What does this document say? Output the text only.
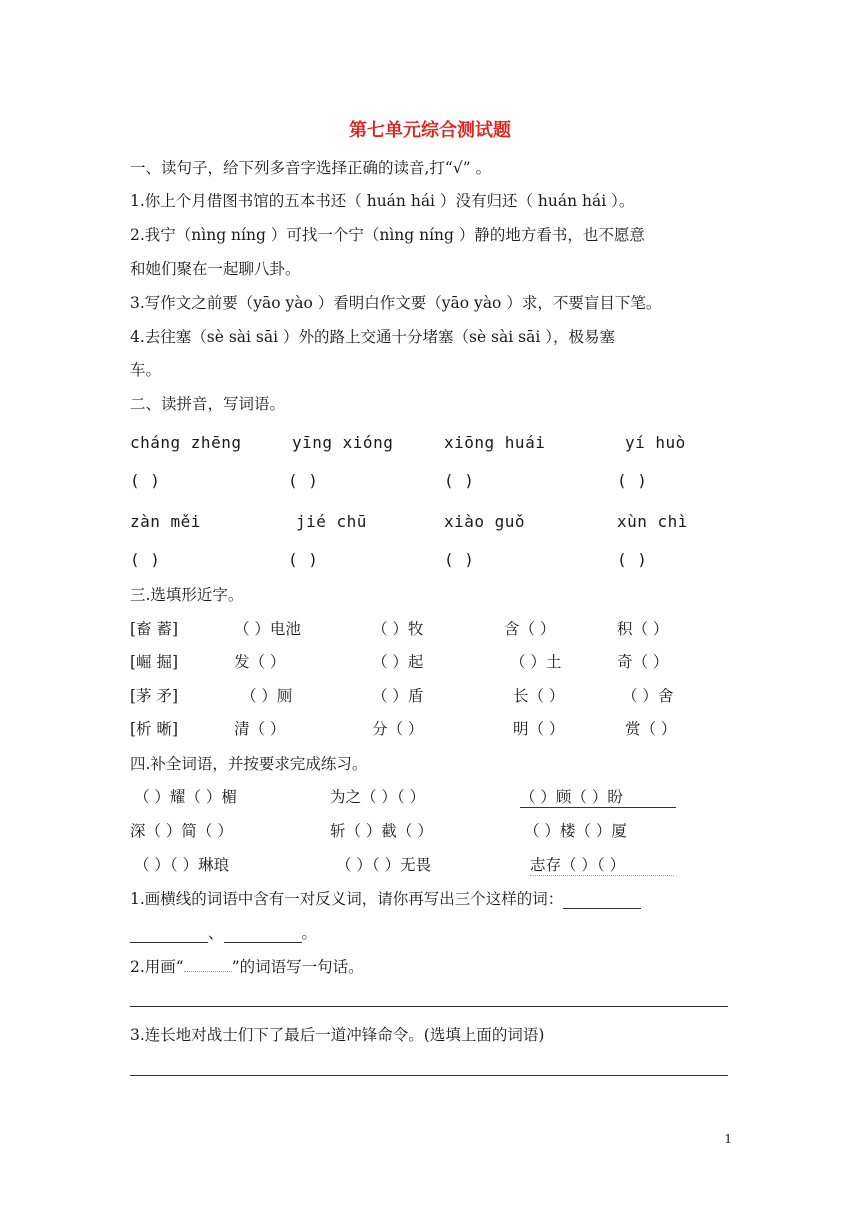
第七单元综合测试题
一、读句子，给下列多音字选择正确的读音,打“√” 。
1.你上个月借图书馆的五本书还（ huán hái ）没有归还（ huán hái ）。
2.我宁（nìng níng ）可找一个宁（nìng níng ）静的地方看书，也不愿意
和她们聚在一起聊八卦。
3.写作文之前要（yāo yào ）看明白作文要（yāo yào ）求，不要盲目下笔。
4.去往塞（sè sài sāi ）外的路上交通十分堵塞（sè sài sāi ），极易塞
车。
二、读拼音，写词语。
cháng zhēng	yīng xióng	xiōng huái	yí huò
( )	( )	( )	( )
zàn měi	jié chū	xiào guǒ	xùn chì
( )	( )	( )	( )
三.选填形近字。
[畜 蓄]	（ ）电池	（ ）牧	含（ ）	积（ ）
[崛 掘]	发（ ）	（ ）起	（ ）土	奇（ ）
[茅 矛]	（ ）厕	（ ）盾	长（ ）	（ ）舍
[析 晰]	清（ ）	分（ ）	明（ ）	赏（ ）
四.补全词语，并按要求完成练习。
（ ）耀（ ）楣	为之（ ）（ ）	（ ）顾（ ）盼
深（ ）简（ ）	斩（ ）截（ ）	（ ）楼（ ）厦
（ ）（ ）琳琅	（ ）（ ）无畏	志存（ ）（ ）
1.画横线的词语中含有一对反义词，请你再写出三个这样的词：
、	。
2.用画“	”的词语写一句话。
3.连长地对战士们下了最后一道冲锋命令。(选填上面的词语)
1
